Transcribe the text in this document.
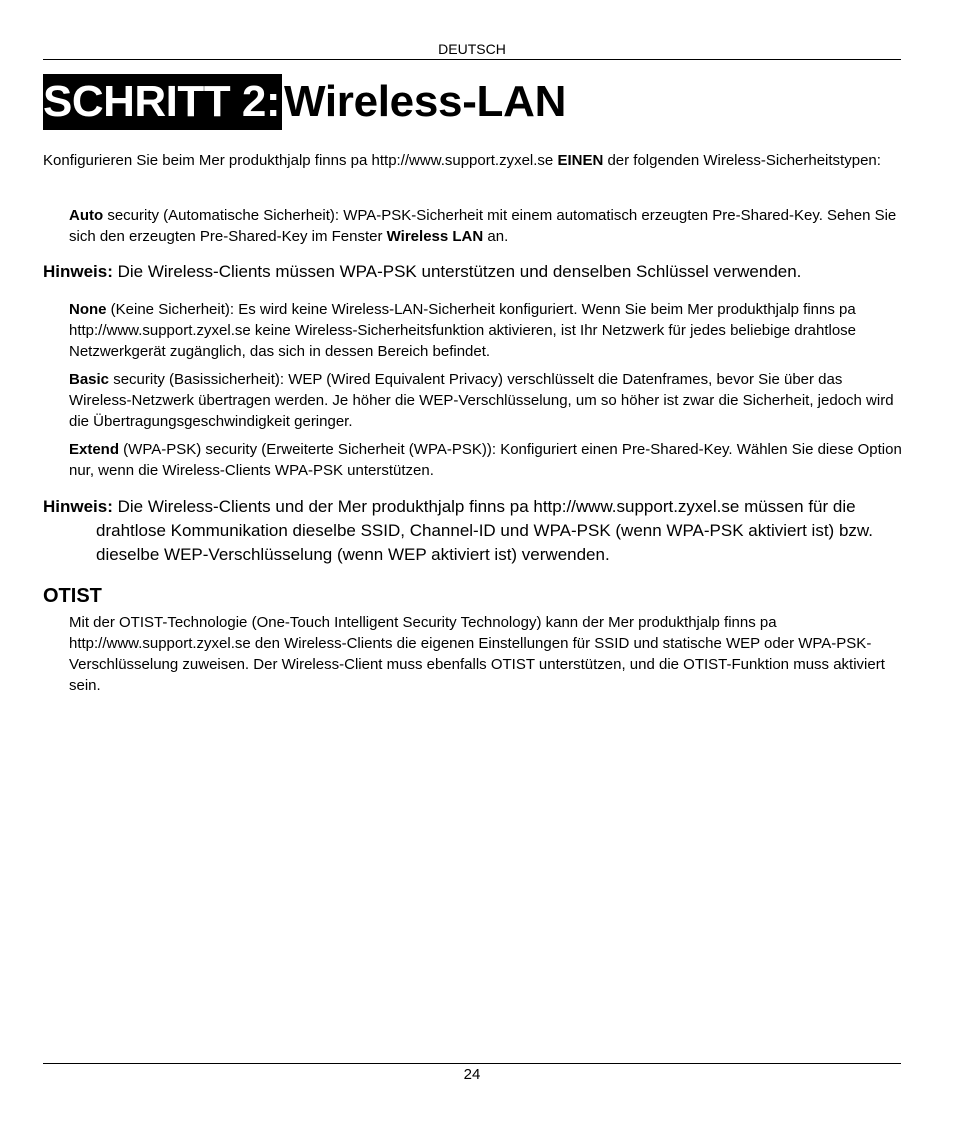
DEUTSCH
SCHRITT 2:Wireless-LAN
Konfigurieren Sie beim Mer produkthjalp finns pa http://www.support.zyxel.se EINEN der folgenden Wireless-Sicherheitstypen:
Auto security (Automatische Sicherheit): WPA-PSK-Sicherheit mit einem automatisch erzeugten Pre-Shared-Key. Sehen Sie sich den erzeugten Pre-Shared-Key im Fenster Wireless LAN an.
Hinweis: Die Wireless-Clients müssen WPA-PSK unterstützen und denselben Schlüssel verwenden.
None (Keine Sicherheit): Es wird keine Wireless-LAN-Sicherheit konfiguriert. Wenn Sie beim Mer produkthjalp finns pa http://www.support.zyxel.se keine Wireless-Sicherheitsfunktion aktivieren, ist Ihr Netzwerk für jedes beliebige drahtlose Netzwerkgerät zugänglich, das sich in dessen Bereich befindet.
Basic security (Basissicherheit): WEP (Wired Equivalent Privacy) verschlüsselt die Datenframes, bevor Sie über das Wireless-Netzwerk übertragen werden. Je höher die WEP-Verschlüsselung, um so höher ist zwar die Sicherheit, jedoch wird die Übertragungsgeschwindigkeit geringer.
Extend (WPA-PSK) security (Erweiterte Sicherheit (WPA-PSK)): Konfiguriert einen Pre-Shared-Key. Wählen Sie diese Option nur, wenn die Wireless-Clients WPA-PSK unterstützen.
Hinweis: Die Wireless-Clients und der Mer produkthjalp finns pa http://www.support.zyxel.se müssen für die drahtlose Kommunikation dieselbe SSID, Channel-ID und WPA-PSK (wenn WPA-PSK aktiviert ist) bzw. dieselbe WEP-Verschlüsselung (wenn WEP aktiviert ist) verwenden.
OTIST
Mit der OTIST-Technologie (One-Touch Intelligent Security Technology) kann der Mer produkthjalp finns pa http://www.support.zyxel.se den Wireless-Clients die eigenen Einstellungen für SSID und statische WEP oder WPA-PSK-Verschlüsselung zuweisen. Der Wireless-Client muss ebenfalls OTIST unterstützen, und die OTIST-Funktion muss aktiviert sein.
24
